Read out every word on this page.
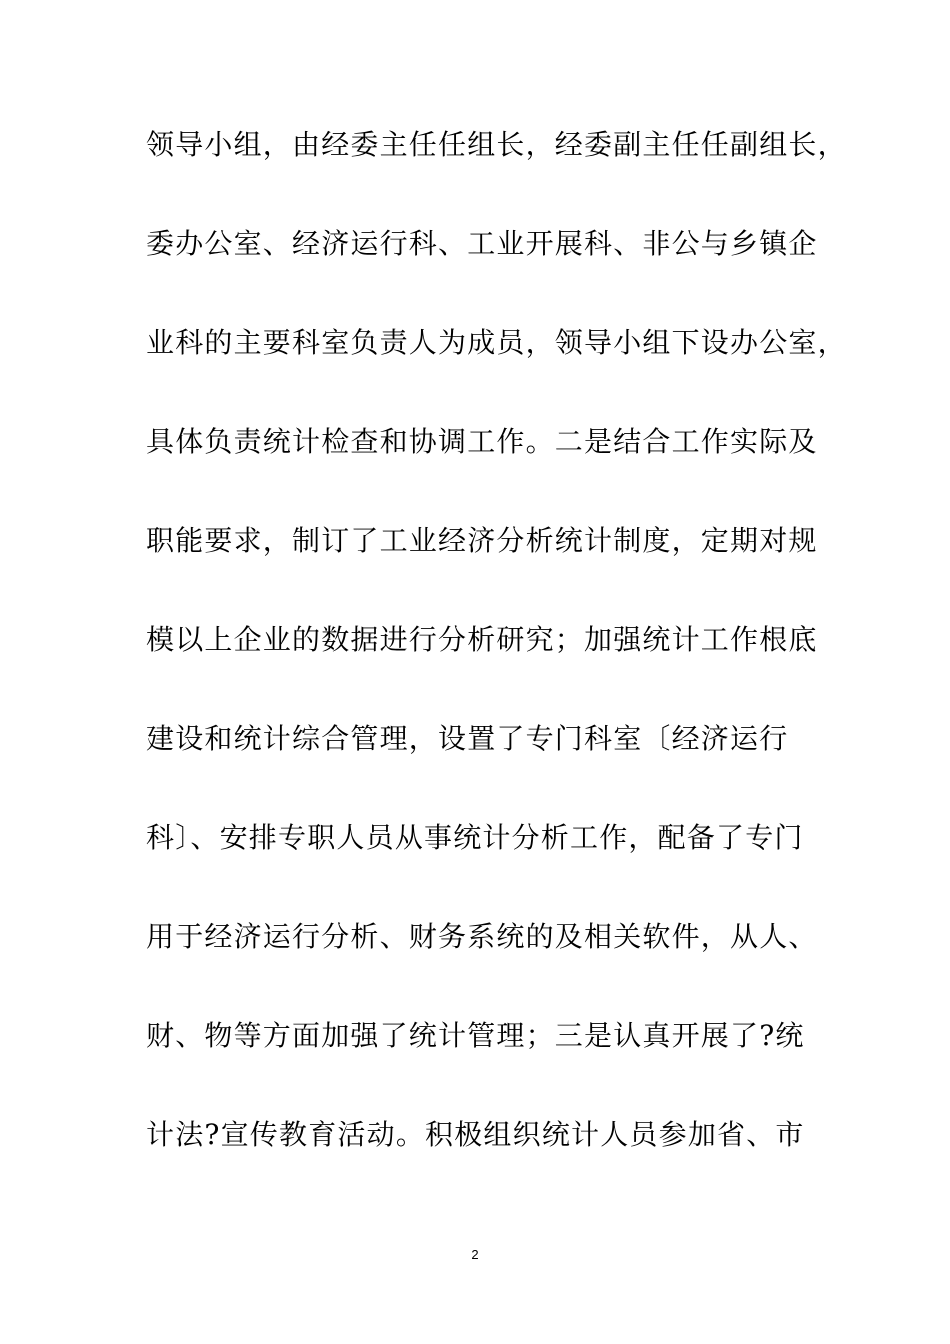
领导小组，由经委主任任组长，经委副主任任副组长，
委办公室、经济运行科、工业开展科、非公与乡镇企
业科的主要科室负责人为成员，领导小组下设办公室，
具体负责统计检查和协调工作。二是结合工作实际及
职能要求，制订了工业经济分析统计制度，定期对规
模以上企业的数据进行分析研究；加强统计工作根底
建设和统计综合管理，设置了专门科室〔经济运行
科〕、安排专职人员从事统计分析工作，配备了专门
用于经济运行分析、财务系统的及相关软件，从人、
财、物等方面加强了统计管理；三是认真开展了?统
计法?宣传教育活动。积极组织统计人员参加省、市
2
